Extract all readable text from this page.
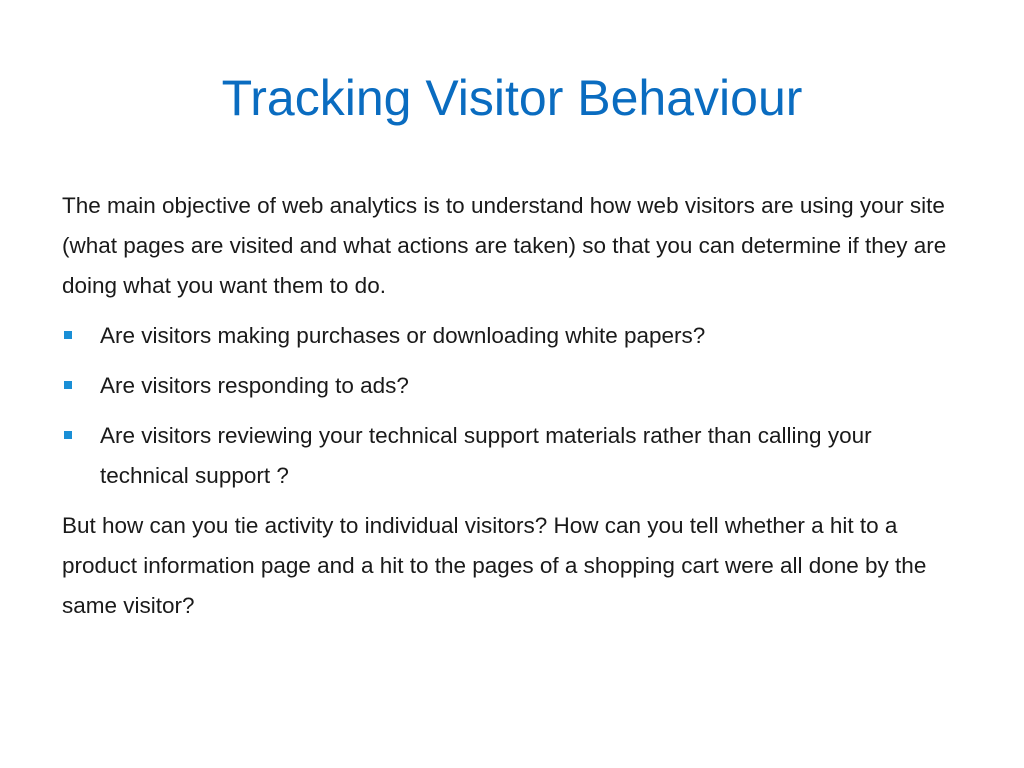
Tracking Visitor Behaviour

The main objective of web analytics is to understand how web visitors are using your site (what pages are visited and what actions are taken) so that you can determine if they are doing what you want them to do.

Are visitors making purchases or downloading white papers?
Are visitors responding to ads?
Are visitors reviewing your technical support materials rather than calling your technical support ?

But how can you tie activity to individual visitors? How can you tell whether a hit to a product information page and a hit to the pages of a shopping cart were all done by the same visitor?
